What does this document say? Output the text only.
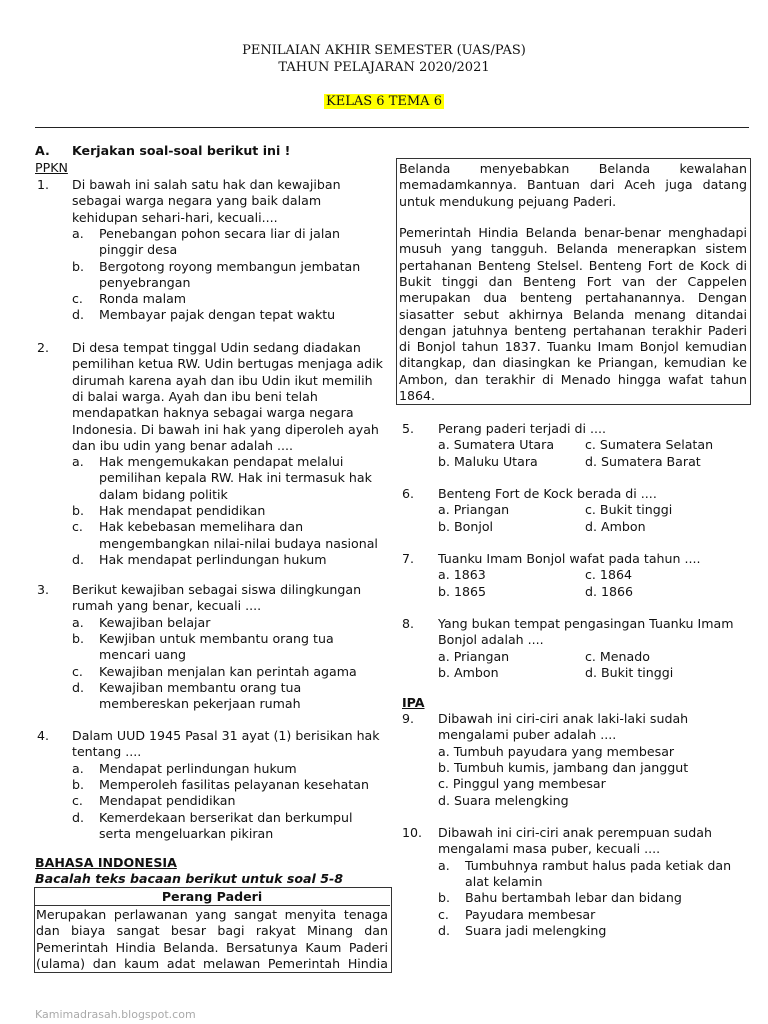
PENILAIAN AKHIR SEMESTER (UAS/PAS)
TAHUN PELAJARAN 2020/2021
KELAS 6 TEMA 6
A. Kerjakan soal-soal berikut ini !
PPKN
1. Di bawah ini salah satu hak dan kewajiban
sebagai warga negara yang baik dalam
kehidupan sehari-hari, kecuali....
a. Penebangan pohon secara liar di jalan
pinggir desa
b. Bergotong royong membangun jembatan
penyebrangan
c. Ronda malam
d. Membayar pajak dengan tepat waktu
2. Di desa tempat tinggal Udin sedang diadakan
pemilihan ketua RW. Udin bertugas menjaga adik
dirumah karena ayah dan ibu Udin ikut memilih
di balai warga. Ayah dan ibu beni telah
mendapatkan haknya sebagai warga negara
Indonesia. Di bawah ini hak yang diperoleh ayah
dan ibu udin yang benar adalah ....
a. Hak mengemukakan pendapat melalui
pemilihan kepala RW. Hak ini termasuk hak
dalam bidang politik
b. Hak mendapat pendidikan
c. Hak kebebasan memelihara dan
mengembangkan nilai-nilai budaya nasional
d. Hak mendapat perlindungan hukum
3. Berikut kewajiban sebagai siswa dilingkungan
rumah yang benar, kecuali ....
a. Kewajiban belajar
b. Kewjiban untuk membantu orang tua
mencari uang
c. Kewajiban menjalan kan perintah agama
d. Kewajiban membantu orang tua
membereskan pekerjaan rumah
4. Dalam UUD 1945 Pasal 31 ayat (1) berisikan hak
tentang ....
a. Mendapat perlindungan hukum
b. Memperoleh fasilitas pelayanan kesehatan
c. Mendapat pendidikan
d. Kemerdekaan berserikat dan berkumpul
serta mengeluarkan pikiran
BAHASA INDONESIA
Bacalah teks bacaan berikut untuk soal 5-8
Perang Paderi
Merupakan perlawanan yang sangat menyita tenaga
dan biaya sangat besar bagi rakyat Minang dan
Pemerintah Hindia Belanda. Bersatunya Kaum Paderi
(ulama) dan kaum adat melawan Pemerintah Hindia
Belanda menyebabkan Belanda kewalahan
memadamkannya. Bantuan dari Aceh juga datang
untuk mendukung pejuang Paderi.
Pemerintah Hindia Belanda benar-benar menghadapi
musuh yang tangguh. Belanda menerapkan sistem
pertahanan Benteng Stelsel. Benteng Fort de Kock di
Bukit tinggi dan Benteng Fort van der Cappelen
merupakan dua benteng pertahanannya. Dengan
siasatter sebut akhirnya Belanda menang ditandai
dengan jatuhnya benteng pertahanan terakhir Paderi
di Bonjol tahun 1837. Tuanku Imam Bonjol kemudian
ditangkap, dan diasingkan ke Priangan, kemudian ke
Ambon, dan terakhir di Menado hingga wafat tahun
1864.
5. Perang paderi terjadi di ....
a. Sumatera Utara c. Sumatera Selatan
b. Maluku Utara	d. Sumatera Barat
6. Benteng Fort de Kock berada di ....
a. Priangan	c. Bukit tinggi
b. Bonjol	d. Ambon
7. Tuanku Imam Bonjol wafat pada tahun ....
a. 1863	c. 1864
b. 1865	d. 1866
8. Yang bukan tempat pengasingan Tuanku Imam
Bonjol adalah ....
a. Priangan	c. Menado
b. Ambon	d. Bukit tinggi
IPA
9. Dibawah ini ciri-ciri anak laki-laki sudah
mengalami puber adalah ....
a. Tumbuh payudara yang membesar
b. Tumbuh kumis, jambang dan janggut
c. Pinggul yang membesar
d. Suara melengking
10. Dibawah ini ciri-ciri anak perempuan sudah
mengalami masa puber, kecuali ....
a. Tumbuhnya rambut halus pada ketiak dan
alat kelamin
b. Bahu bertambah lebar dan bidang
c. Payudara membesar
d. Suara jadi melengking
Kamimadrasah.blogspot.com
